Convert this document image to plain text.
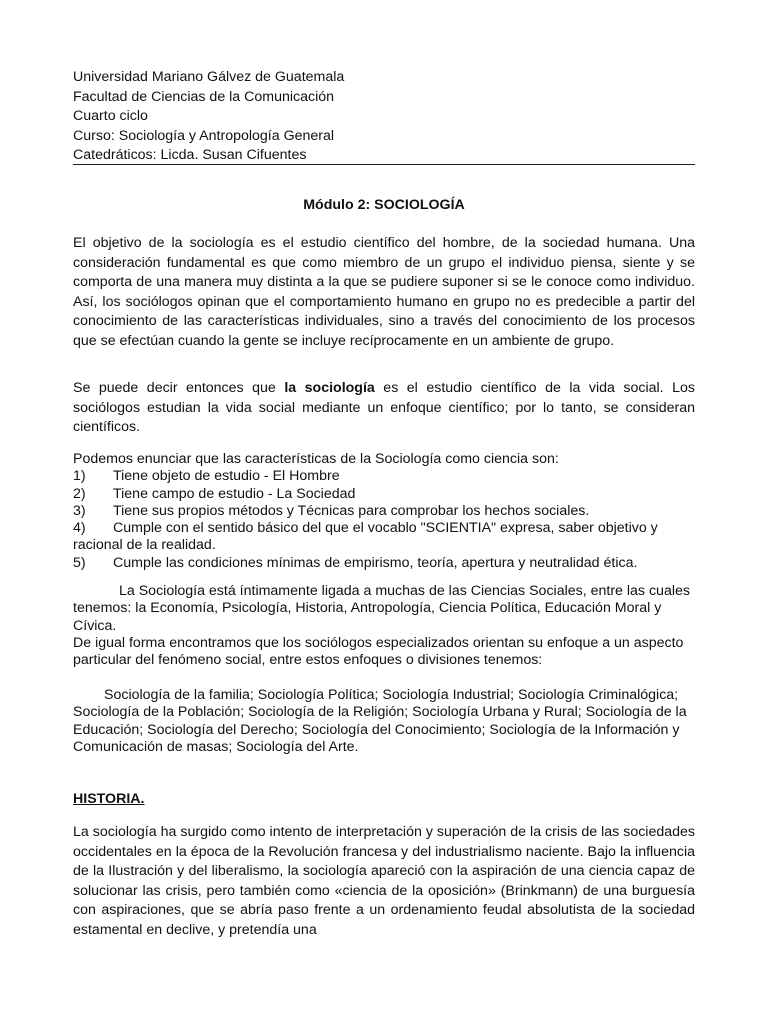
Universidad Mariano Gálvez de Guatemala
Facultad de Ciencias de la Comunicación
Cuarto ciclo
Curso: Sociología y Antropología General
Catedráticos: Licda. Susan Cifuentes
Módulo 2: SOCIOLOGÍA
El objetivo de la sociología es el estudio científico del hombre, de la sociedad humana. Una consideración fundamental es que como miembro de un grupo el individuo piensa, siente y se comporta de una manera muy distinta a la que se pudiere suponer si se le conoce como individuo. Así, los sociólogos opinan que el comportamiento humano en grupo no es predecible a partir del conocimiento de las características individuales, sino a través del conocimiento de los procesos que se efectúan cuando la gente se incluye recíprocamente en un ambiente de grupo.
Se puede decir entonces que la sociología es el estudio científico de la vida social. Los sociólogos estudian la vida social mediante un enfoque científico; por lo tanto, se consideran científicos.
Podemos enunciar que las características de la Sociología como ciencia son:
1) Tiene objeto de estudio - El Hombre
2) Tiene campo de estudio - La Sociedad
3) Tiene sus propios métodos y Técnicas para comprobar los hechos sociales.
4) Cumple con el sentido básico del que el vocablo "SCIENTIA" expresa, saber objetivo y racional de la realidad.
5) Cumple las condiciones mínimas de empirismo, teoría, apertura y neutralidad ética.
La Sociología está íntimamente ligada a muchas de las Ciencias Sociales, entre las cuales tenemos: la Economía, Psicología, Historia, Antropología, Ciencia Política, Educación Moral y Cívica.
De igual forma encontramos que los sociólogos especializados orientan su enfoque a un aspecto particular del fenómeno social, entre estos enfoques o divisiones tenemos:
Sociología de la familia; Sociología Política; Sociología Industrial; Sociología Criminalógica; Sociología de la Población; Sociología de la Religión; Sociología Urbana y Rural; Sociología de la Educación; Sociología del Derecho; Sociología del Conocimiento; Sociología de la Información y Comunicación de masas; Sociología del Arte.
HISTORIA.
La sociología ha surgido como intento de interpretación y superación de la crisis de las sociedades occidentales en la época de la Revolución francesa y del industrialismo naciente. Bajo la influencia de la Ilustración y del liberalismo, la sociología apareció con la aspiración de una ciencia capaz de solucionar las crisis, pero también como «ciencia de la oposición» (Brinkmann) de una burguesía con aspiraciones, que se abría paso frente a un ordenamiento feudal absolutista de la sociedad estamental en declive, y pretendía una
